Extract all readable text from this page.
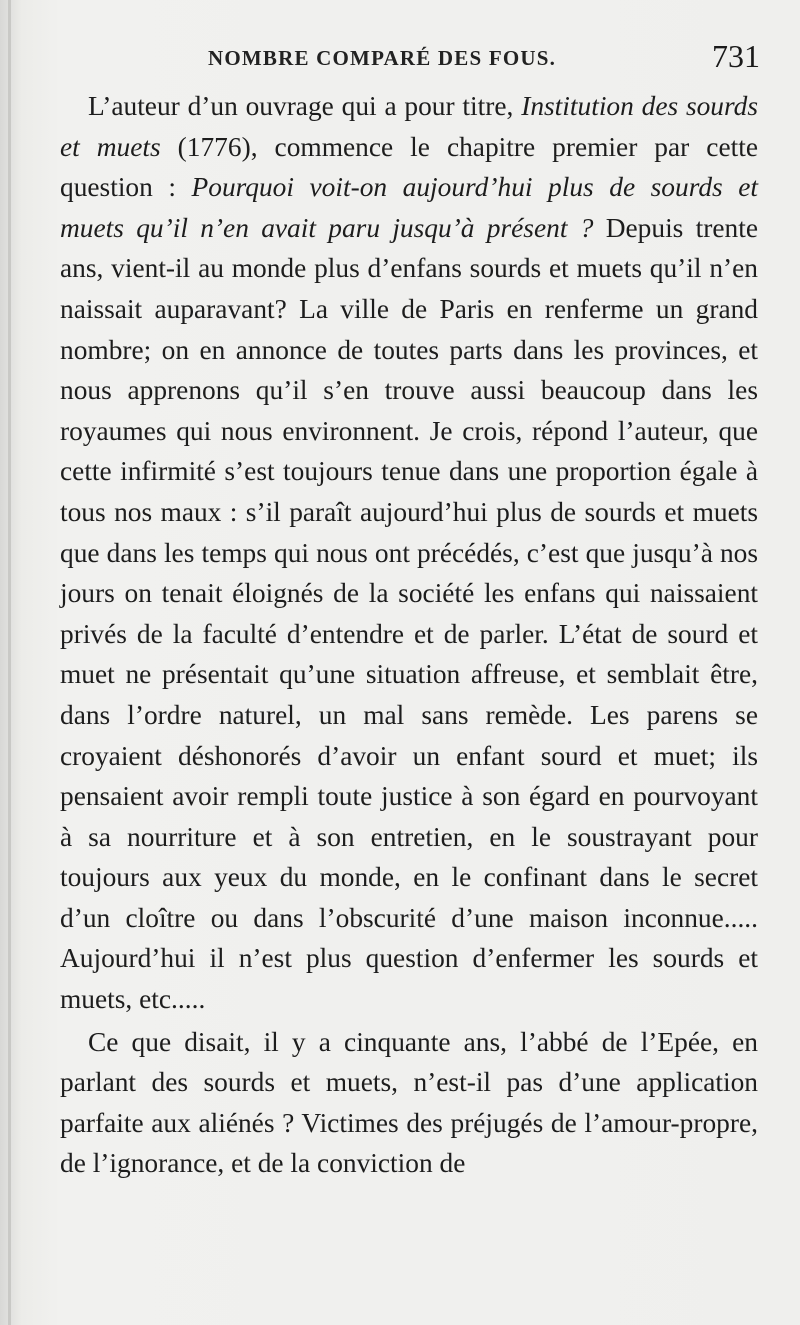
NOMBRE COMPARÉ DES FOUS.	731

L’auteur d’un ouvrage qui a pour titre, Institution des sourds et muets (1776), commence le chapitre premier par cette question : Pourquoi voit-on aujourd’hui plus de sourds et muets qu’il n’en avait paru jusqu’à présent ? Depuis trente ans, vient-il au monde plus d’enfans sourds et muets qu’il n’en naissait auparavant? La ville de Paris en renferme un grand nombre; on en annonce de toutes parts dans les provinces, et nous apprenons qu’il s’en trouve aussi beaucoup dans les royaumes qui nous environnent. Je crois, répond l’auteur, que cette infirmité s’est toujours tenue dans une proportion égale à tous nos maux : s’il paraît aujourd’hui plus de sourds et muets que dans les temps qui nous ont précédés, c’est que jusqu’à nos jours on tenait éloignés de la société les enfans qui naissaient privés de la faculté d’entendre et de parler. L’état de sourd et muet ne présentait qu’une situation affreuse, et semblait être, dans l’ordre naturel, un mal sans remède. Les parens se croyaient déshonorés d’avoir un enfant sourd et muet; ils pensaient avoir rempli toute justice à son égard en pourvoyant à sa nourriture et à son entretien, en le soustrayant pour toujours aux yeux du monde, en le confinant dans le secret d’un cloître ou dans l’obscurité d’une maison inconnue..... Aujourd’hui il n’est plus question d’enfermer les sourds et muets, etc.....

Ce que disait, il y a cinquante ans, l’abbé de l’Epée, en parlant des sourds et muets, n’est-il pas d’une application parfaite aux aliénés ? Victimes des préjugés de l’amour-propre, de l’ignorance, et de la conviction de
